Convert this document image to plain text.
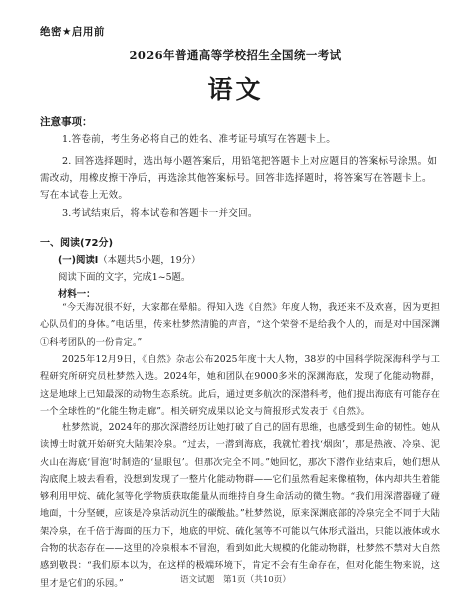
绝密★启用前
2026年普通高等学校招生全国统一考试
语文
注意事项：
1.答卷前，考生务必将自己的姓名、准考证号填写在答题卡上。
2. 回答选择题时，选出每小题答案后，用铅笔把答题卡上对应题目的答案标号涂黑。如需改动，用橡皮擦干净后，再选涂其他答案标号。回答非选择题时，将答案写在答题卡上。写在本试卷上无效。
3.考试结束后，将本试卷和答题卡一并交回。
一、阅读(72分)
(一)阅读Ⅰ（本题共5小题，19分）
阅读下面的文字，完成1~5题。
材料一：
“今天海况很不好，大家都在晕船。得知入选《自然》年度人物，我还来不及欢喜，因为更担心队员们的身体。”电话里，传来杜梦然清脆的声音，“这个荣誉不是给我个人的，而是对中国深渊①科考团队的一份肯定。”
2025年12月9日，《自然》杂志公布2025年度十大人物，38岁的中国科学院深海科学与工程研究所研究员杜梦然入选。2024年，她和团队在9000多米的深渊海底，发现了化能动物群，这是地球上已知最深的动物生态系统。此后，通过更多航次的深潜科考，他们提出海底有可能存在一个全球性的“化能生物走廊”。相关研究成果以论文与简报形式发表于《自然》。
杜梦然说，2024年的那次深潜经历让她打破了自己的固有思维，也感受到生命的韧性。她从读博士时就开始研究大陆架冷泉。“过去，一潜到海底，我就忙着找‘烟囱’，那是热液、冷泉、泥火山在海底‘冒泡’时制造的‘显眼包’。但那次完全不同。”她回忆，那次下潜作业结束后，她们想从沟底爬上坡去看看，没想到发现了一整片化能动物群——它们虽然看起来像植物，体内却共生着能够利用甲烷、硫化氢等化学物质获取能量从而维持自身生命活动的微生物。“我们用深潜器碰了碰地面，十分坚硬，应该是冷泉活动沉生的碳酸盐。”杜梦然说，原来深渊底部的冷泉完全不同于大陆架冷泉，在千倍于海面的压力下，地底的甲烷、硫化氢等不可能以气体形式溢出，只能以液体或水合物的状态存在——这里的冷泉根本不冒泡，看到如此大规模的化能动物群，杜梦然不禁对大自然感到敬畏：“我们原本以为，在这样的极端环境下，肯定不会有生命存在，但对化能生物来说，这里才是它们的乐园。”	语文试题　第1页（共10页）
